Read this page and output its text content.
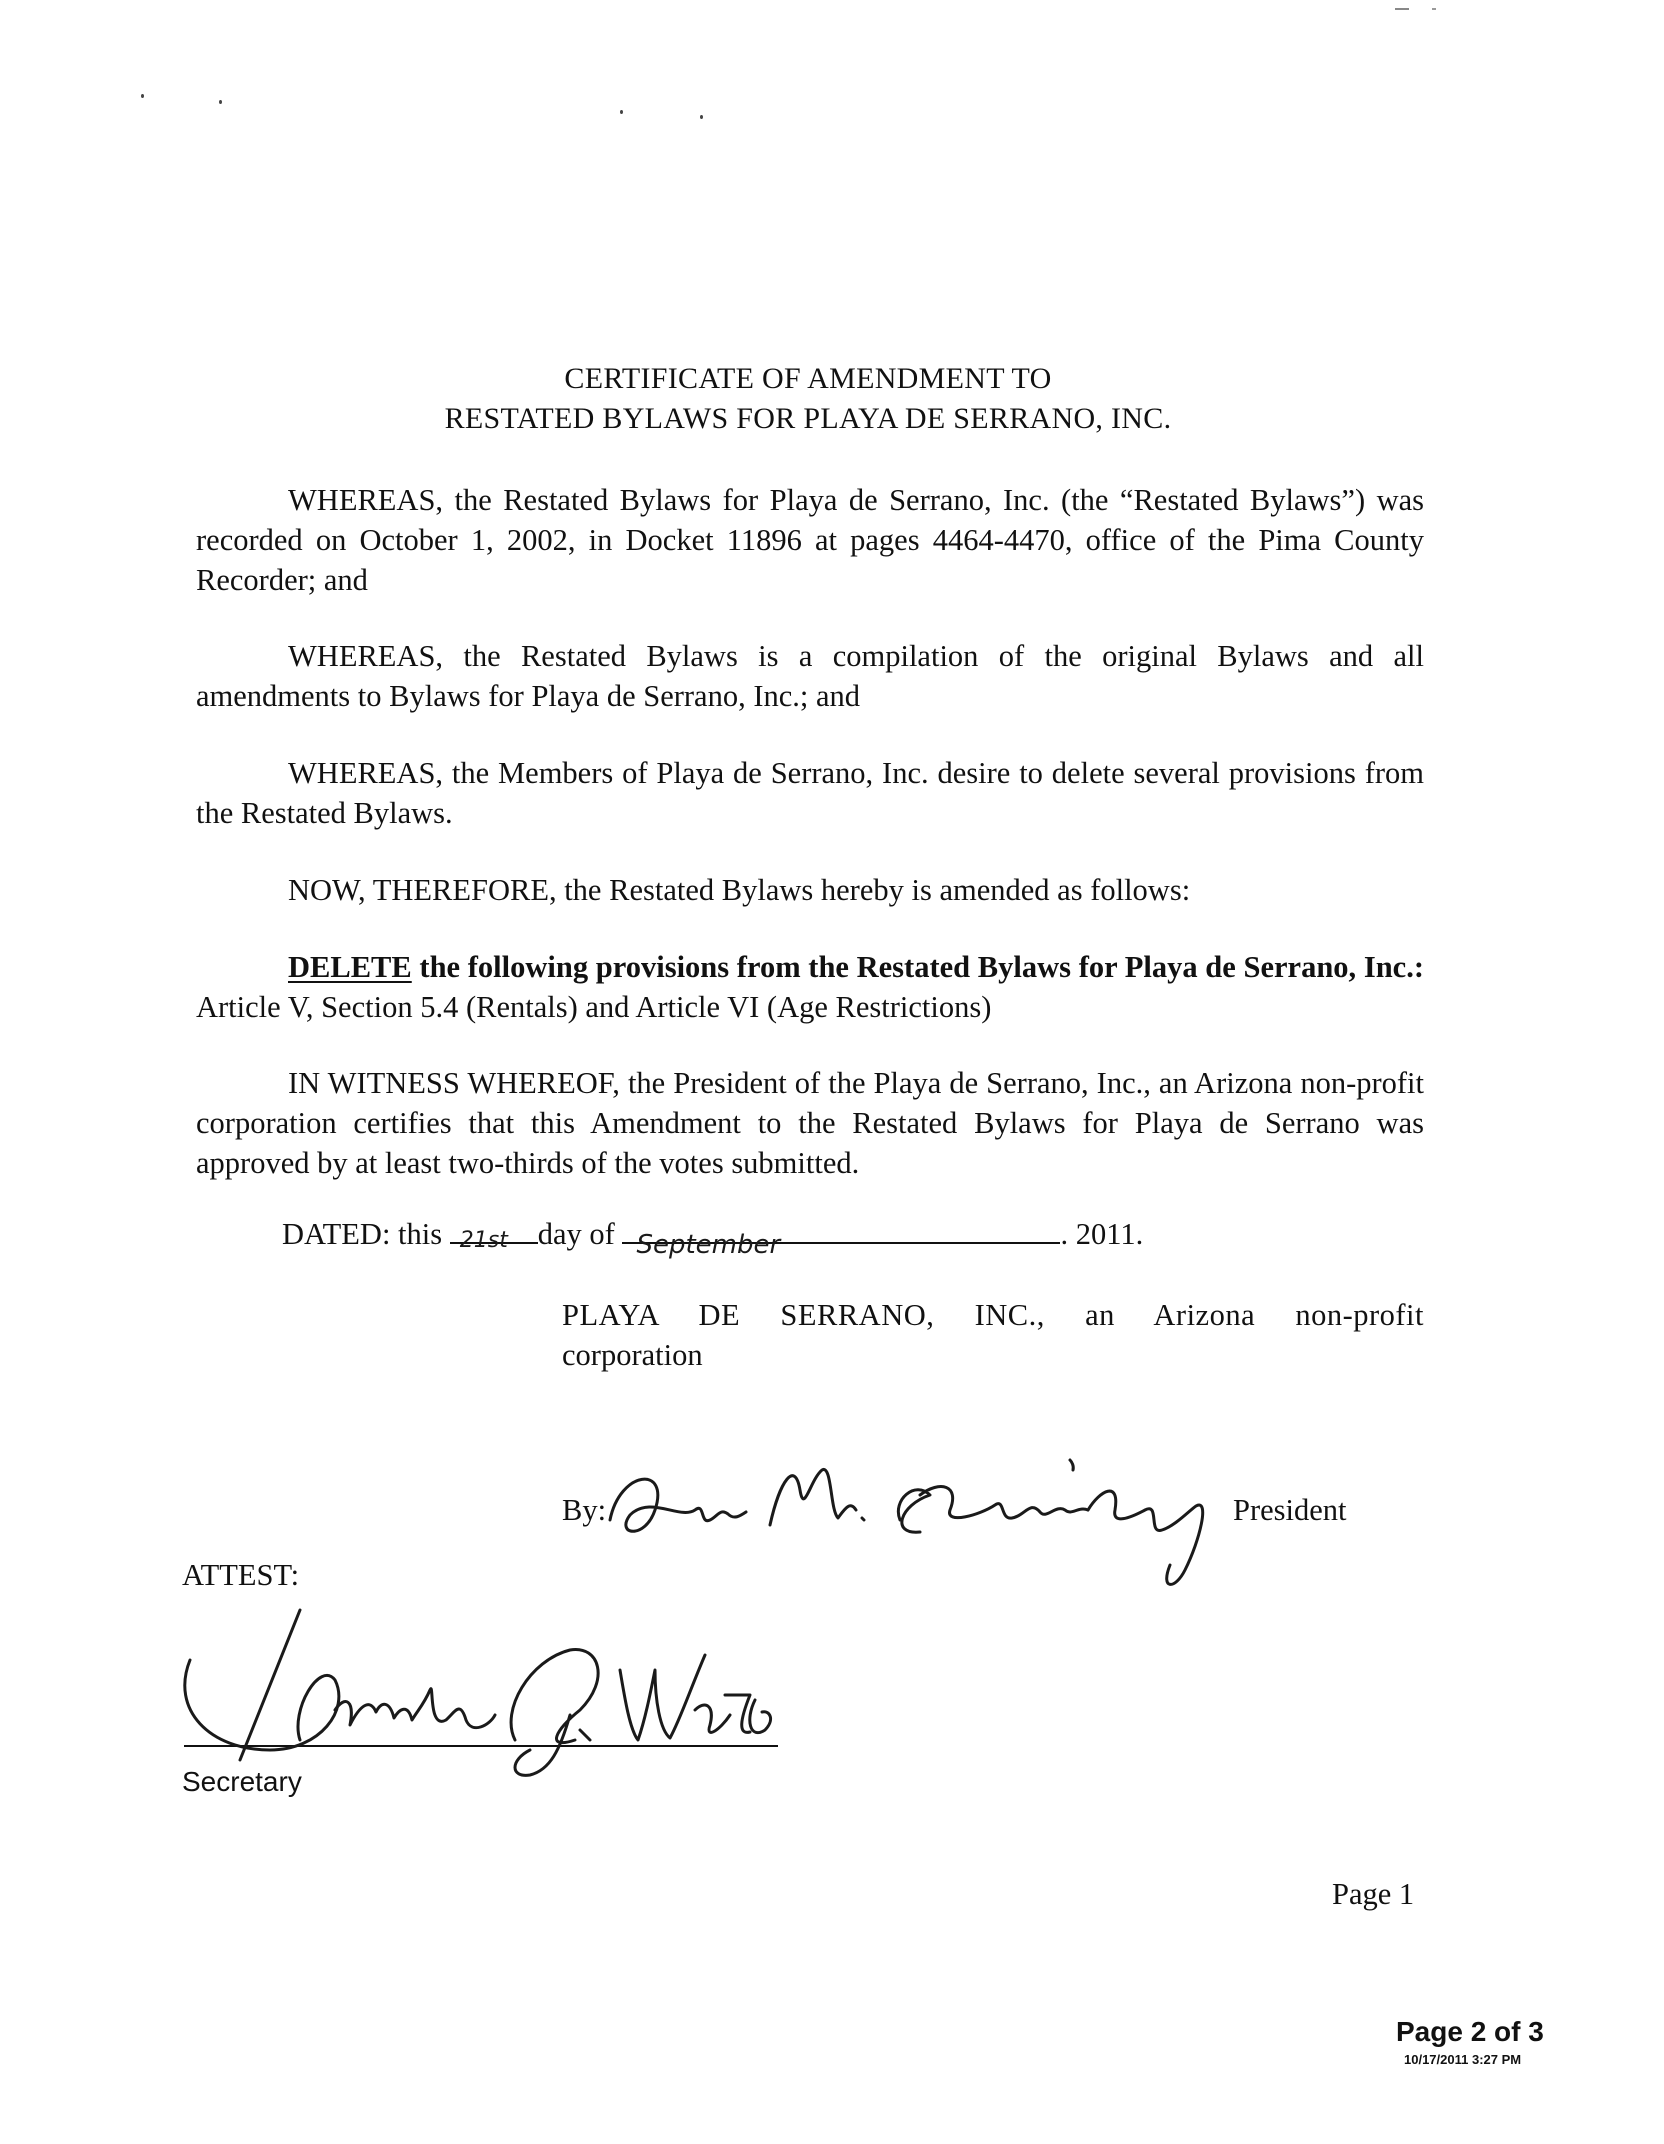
CERTIFICATE OF AMENDMENT TO
RESTATED BYLAWS FOR PLAYA DE SERRANO, INC.

WHEREAS, the Restated Bylaws for Playa de Serrano, Inc. (the “Restated Bylaws”) was recorded on October 1, 2002, in Docket 11896 at pages 4464-4470, office of the Pima County Recorder; and

WHEREAS, the Restated Bylaws is a compilation of the original Bylaws and all amendments to Bylaws for Playa de Serrano, Inc.; and

WHEREAS, the Members of Playa de Serrano, Inc. desire to delete several provisions from the Restated Bylaws.

NOW, THEREFORE, the Restated Bylaws hereby is amended as follows:

DELETE the following provisions from the Restated Bylaws for Playa de Serrano, Inc.: Article V, Section 5.4 (Rentals) and Article VI (Age Restrictions)

IN WITNESS WHEREOF, the President of the Playa de Serrano, Inc., an Arizona non-profit corporation certifies that this Amendment to the Restated Bylaws for Playa de Serrano was approved by at least two-thirds of the votes submitted.

DATED: this 21st day of September	. 2011.
PLAYA DE SERRANO, INC., an Arizona non-profit
corporation
By:	President
ATTEST:
Secretary
Page 1
Page 2 of 3
10/17/2011 3:27 PM
